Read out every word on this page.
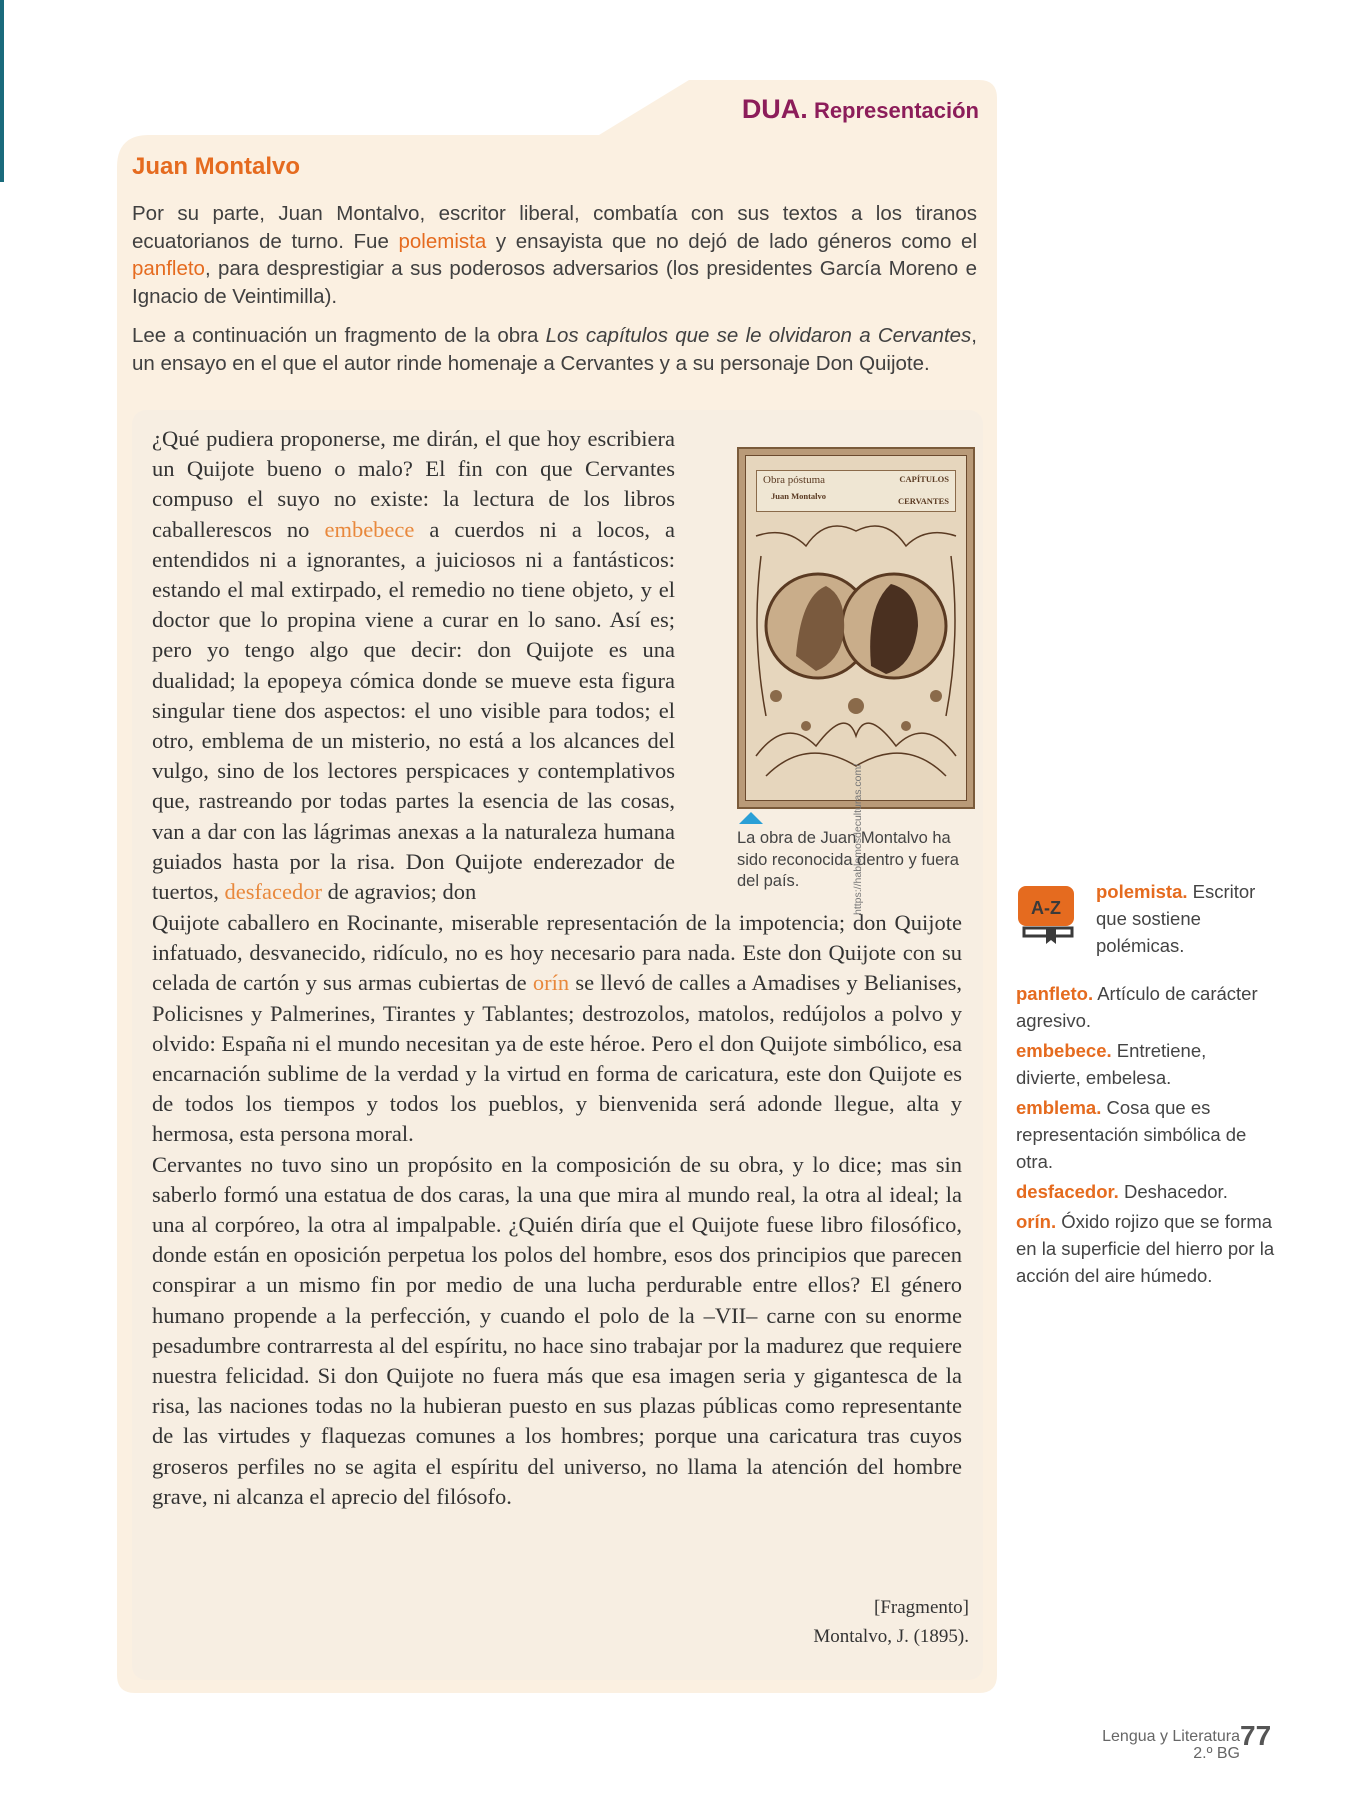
DUA. Representación
Juan Montalvo

Por su parte, Juan Montalvo, escritor liberal, combatía con sus textos a los tiranos ecuatorianos de turno. Fue polemista y ensayista que no dejó de lado géneros como el panfleto, para desprestigiar a sus poderosos adversarios (los presidentes García Moreno e Ignacio de Veintimilla).

Lee a continuación un fragmento de la obra Los capítulos que se le olvidaron a Cervantes, un ensayo en el que el autor rinde homenaje a Cervantes y a su personaje Don Quijote.

¿Qué pudiera proponerse, me dirán, el que hoy escribiera un Quijote bueno o malo? El fin con que Cervantes compuso el suyo no existe: la lectura de los libros caballerescos no embebece a cuerdos ni a locos, a entendidos ni a ignorantes, a juiciosos ni a fantásticos: estando el mal extirpado, el remedio no tiene objeto, y el doctor que lo propina viene a curar en lo sano. Así es; pero yo tengo algo que decir: don Quijote es una dualidad; la epopeya cómica donde se mueve esta figura singular tiene dos aspectos: el uno visible para todos; el otro, emblema de un misterio, no está a los alcances del vulgo, sino de los lectores perspicaces y contemplativos que, rastreando por todas partes la esencia de las cosas, van a dar con las lágrimas anexas a la naturaleza humana guiados hasta por la risa. Don Quijote enderezador de tuertos, desfacedor de agravios; don

Obra póstuma
Juan Montalvo
CAPÍTULOS
CERVANTES
https://hablemosdeculturas.com/
La obra de Juan Montalvo ha sido reconocida dentro y fuera del país.

Quijote caballero en Rocinante, miserable representación de la impotencia; don Quijote infatuado, desvanecido, ridículo, no es hoy necesario para nada. Este don Quijote con su celada de cartón y sus armas cubiertas de orín se llevó de calles a Amadises y Belianises, Policisnes y Palmerines, Tirantes y Tablantes; destrozolos, matolos, redújolos a polvo y olvido: España ni el mundo necesitan ya de este héroe. Pero el don Quijote simbólico, esa encarnación sublime de la verdad y la virtud en forma de caricatura, este don Quijote es de todos los tiempos y todos los pueblos, y bienvenida será adonde llegue, alta y hermosa, esta persona moral.

Cervantes no tuvo sino un propósito en la composición de su obra, y lo dice; mas sin saberlo formó una estatua de dos caras, la una que mira al mundo real, la otra al ideal; la una al corpóreo, la otra al impalpable. ¿Quién diría que el Quijote fuese libro filosófico, donde están en oposición perpetua los polos del hombre, esos dos principios que parecen conspirar a un mismo fin por medio de una lucha perdurable entre ellos? El género humano propende a la perfección, y cuando el polo de la –VII– carne con su enorme pesadumbre contrarresta al del espíritu, no hace sino trabajar por la madurez que requiere nuestra felicidad. Si don Quijote no fuera más que esa imagen seria y gigantesca de la risa, las naciones todas no la hubieran puesto en sus plazas públicas como representante de las virtudes y flaquezas comunes a los hombres; porque una caricatura tras cuyos groseros perfiles no se agita el espíritu del universo, no llama la atención del hombre grave, ni alcanza el aprecio del filósofo.

[Fragmento]
Montalvo, J. (1895).
A-Z
polemista. Escritor que sostiene polémicas.
panfleto. Artículo de carácter agresivo.
embebece. Entretiene, divierte, embelesa.
emblema. Cosa que es representación simbólica de otra.
desfacedor. Deshacedor.
orín. Óxido rojizo que se forma en la superficie del hierro por la acción del aire húmedo.
Lengua y Literatura
2.º BG
77
